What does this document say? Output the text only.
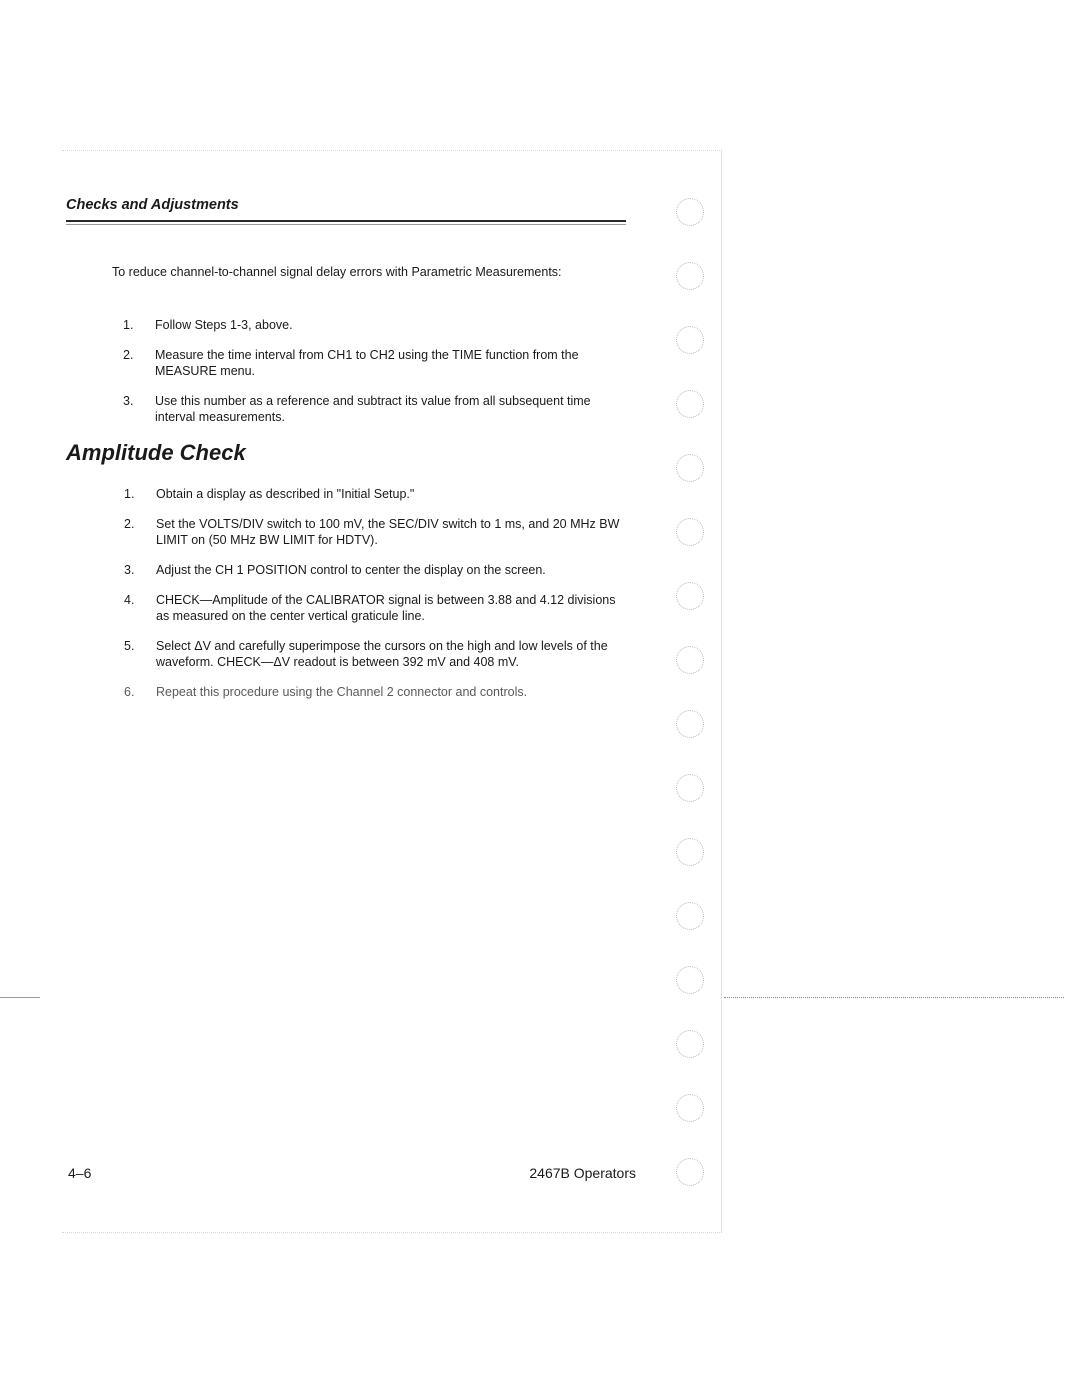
Checks and Adjustments
To reduce channel-to-channel signal delay errors with Parametric Measurements:
1.	Follow Steps 1-3, above.
2.	Measure the time interval from CH1 to CH2 using the TIME function from the MEASURE menu.
3.	Use this number as a reference and subtract its value from all subsequent time interval measurements.
Amplitude Check
1.	Obtain a display as described in "Initial Setup."
2.	Set the VOLTS/DIV switch to 100 mV, the SEC/DIV switch to 1 ms, and 20 MHz BW LIMIT on (50 MHz BW LIMIT for HDTV).
3.	Adjust the CH 1 POSITION control to center the display on the screen.
4.	CHECK—Amplitude of the CALIBRATOR signal is between 3.88 and 4.12 divisions as measured on the center vertical graticule line.
5.	Select ΔV and carefully superimpose the cursors on the high and low levels of the waveform. CHECK—ΔV readout is between 392 mV and 408 mV.
6.	Repeat this procedure using the Channel 2 connector and controls.
4–6	2467B Operators
